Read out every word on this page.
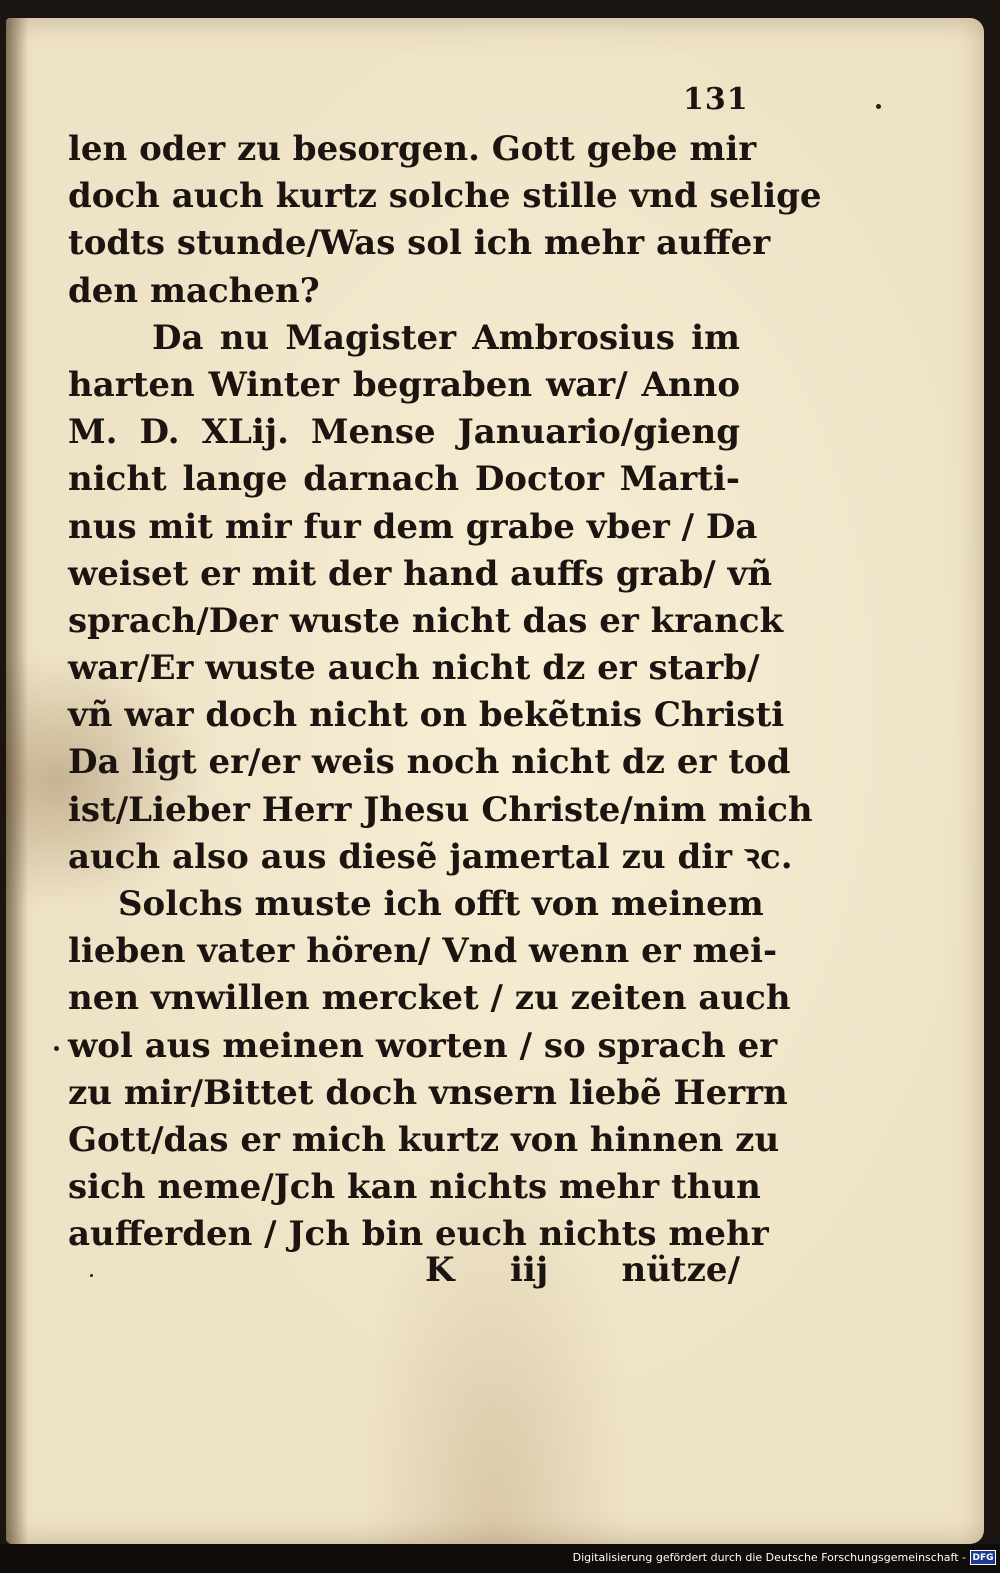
131
len oder zu besorgen. Gott gebe mir
doch auch kurtz solche stille vnd selige
todts stunde/Was sol ich mehr auffer
den machen?
Da nu Magister Ambrosius im
harten Winter begraben war/ Anno
M. D. XLij. Mense Januario/gieng
nicht lange darnach Doctor Marti-
nus mit mir fur dem grabe vber / Da
weiset er mit der hand auffs grab/ vñ
sprach/Der wuste nicht das er kranck
war/Er wuste auch nicht dz er starb/
vñ war doch nicht on bekẽtnis Christi
Da ligt er/er weis noch nicht dz er tod
ist/Lieber Herr Jhesu Christe/nim mich
auch also aus diesẽ jamertal zu dir ꝛc.
Solchs muste ich offt von meinem
lieben vater hören/ Vnd wenn er mei-
nen vnwillen mercket / zu zeiten auch
wol aus meinen worten / so sprach er
zu mir/Bittet doch vnsern liebẽ Herrn
Gott/das er mich kurtz von hinnen zu
sich neme/Jch kan nichts mehr thun
aufferden / Jch bin euch nichts mehr
K iij nütze/
Digitalisierung gefördert durch die Deutsche Forschungsgemeinschaft - DFG
